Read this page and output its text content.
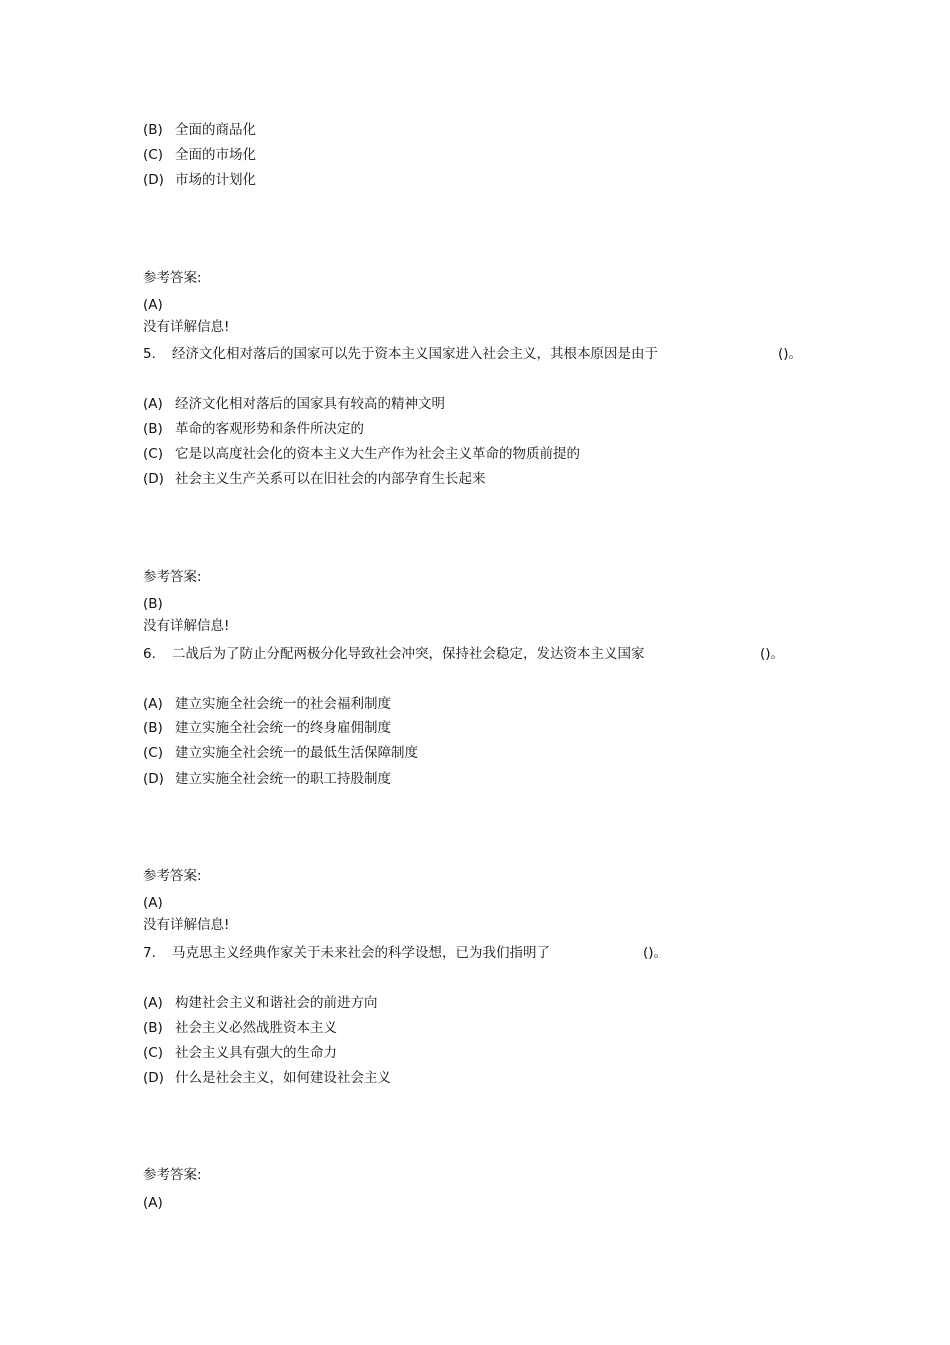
(B) 全面的商品化
(C) 全面的市场化
(D) 市场的计划化
参考答案:
(A)
没有详解信息!
5. 经济文化相对落后的国家可以先于资本主义国家进入社会主义，其根本原因是由于	()。
(A) 经济文化相对落后的国家具有较高的精神文明
(B) 革命的客观形势和条件所决定的
(C) 它是以高度社会化的资本主义大生产作为社会主义革命的物质前提的
(D) 社会主义生产关系可以在旧社会的内部孕育生长起来
参考答案:
(B)
没有详解信息!
6. 二战后为了防止分配两极分化导致社会冲突，保持社会稳定，发达资本主义国家	()。
(A) 建立实施全社会统一的社会福利制度
(B) 建立实施全社会统一的终身雇佣制度
(C) 建立实施全社会统一的最低生活保障制度
(D) 建立实施全社会统一的职工持股制度
参考答案:
(A)
没有详解信息!
7. 马克思主义经典作家关于未来社会的科学设想，已为我们指明了	()。
(A) 构建社会主义和谐社会的前进方向
(B) 社会主义必然战胜资本主义
(C) 社会主义具有强大的生命力
(D) 什么是社会主义，如何建设社会主义
参考答案:
(A)
